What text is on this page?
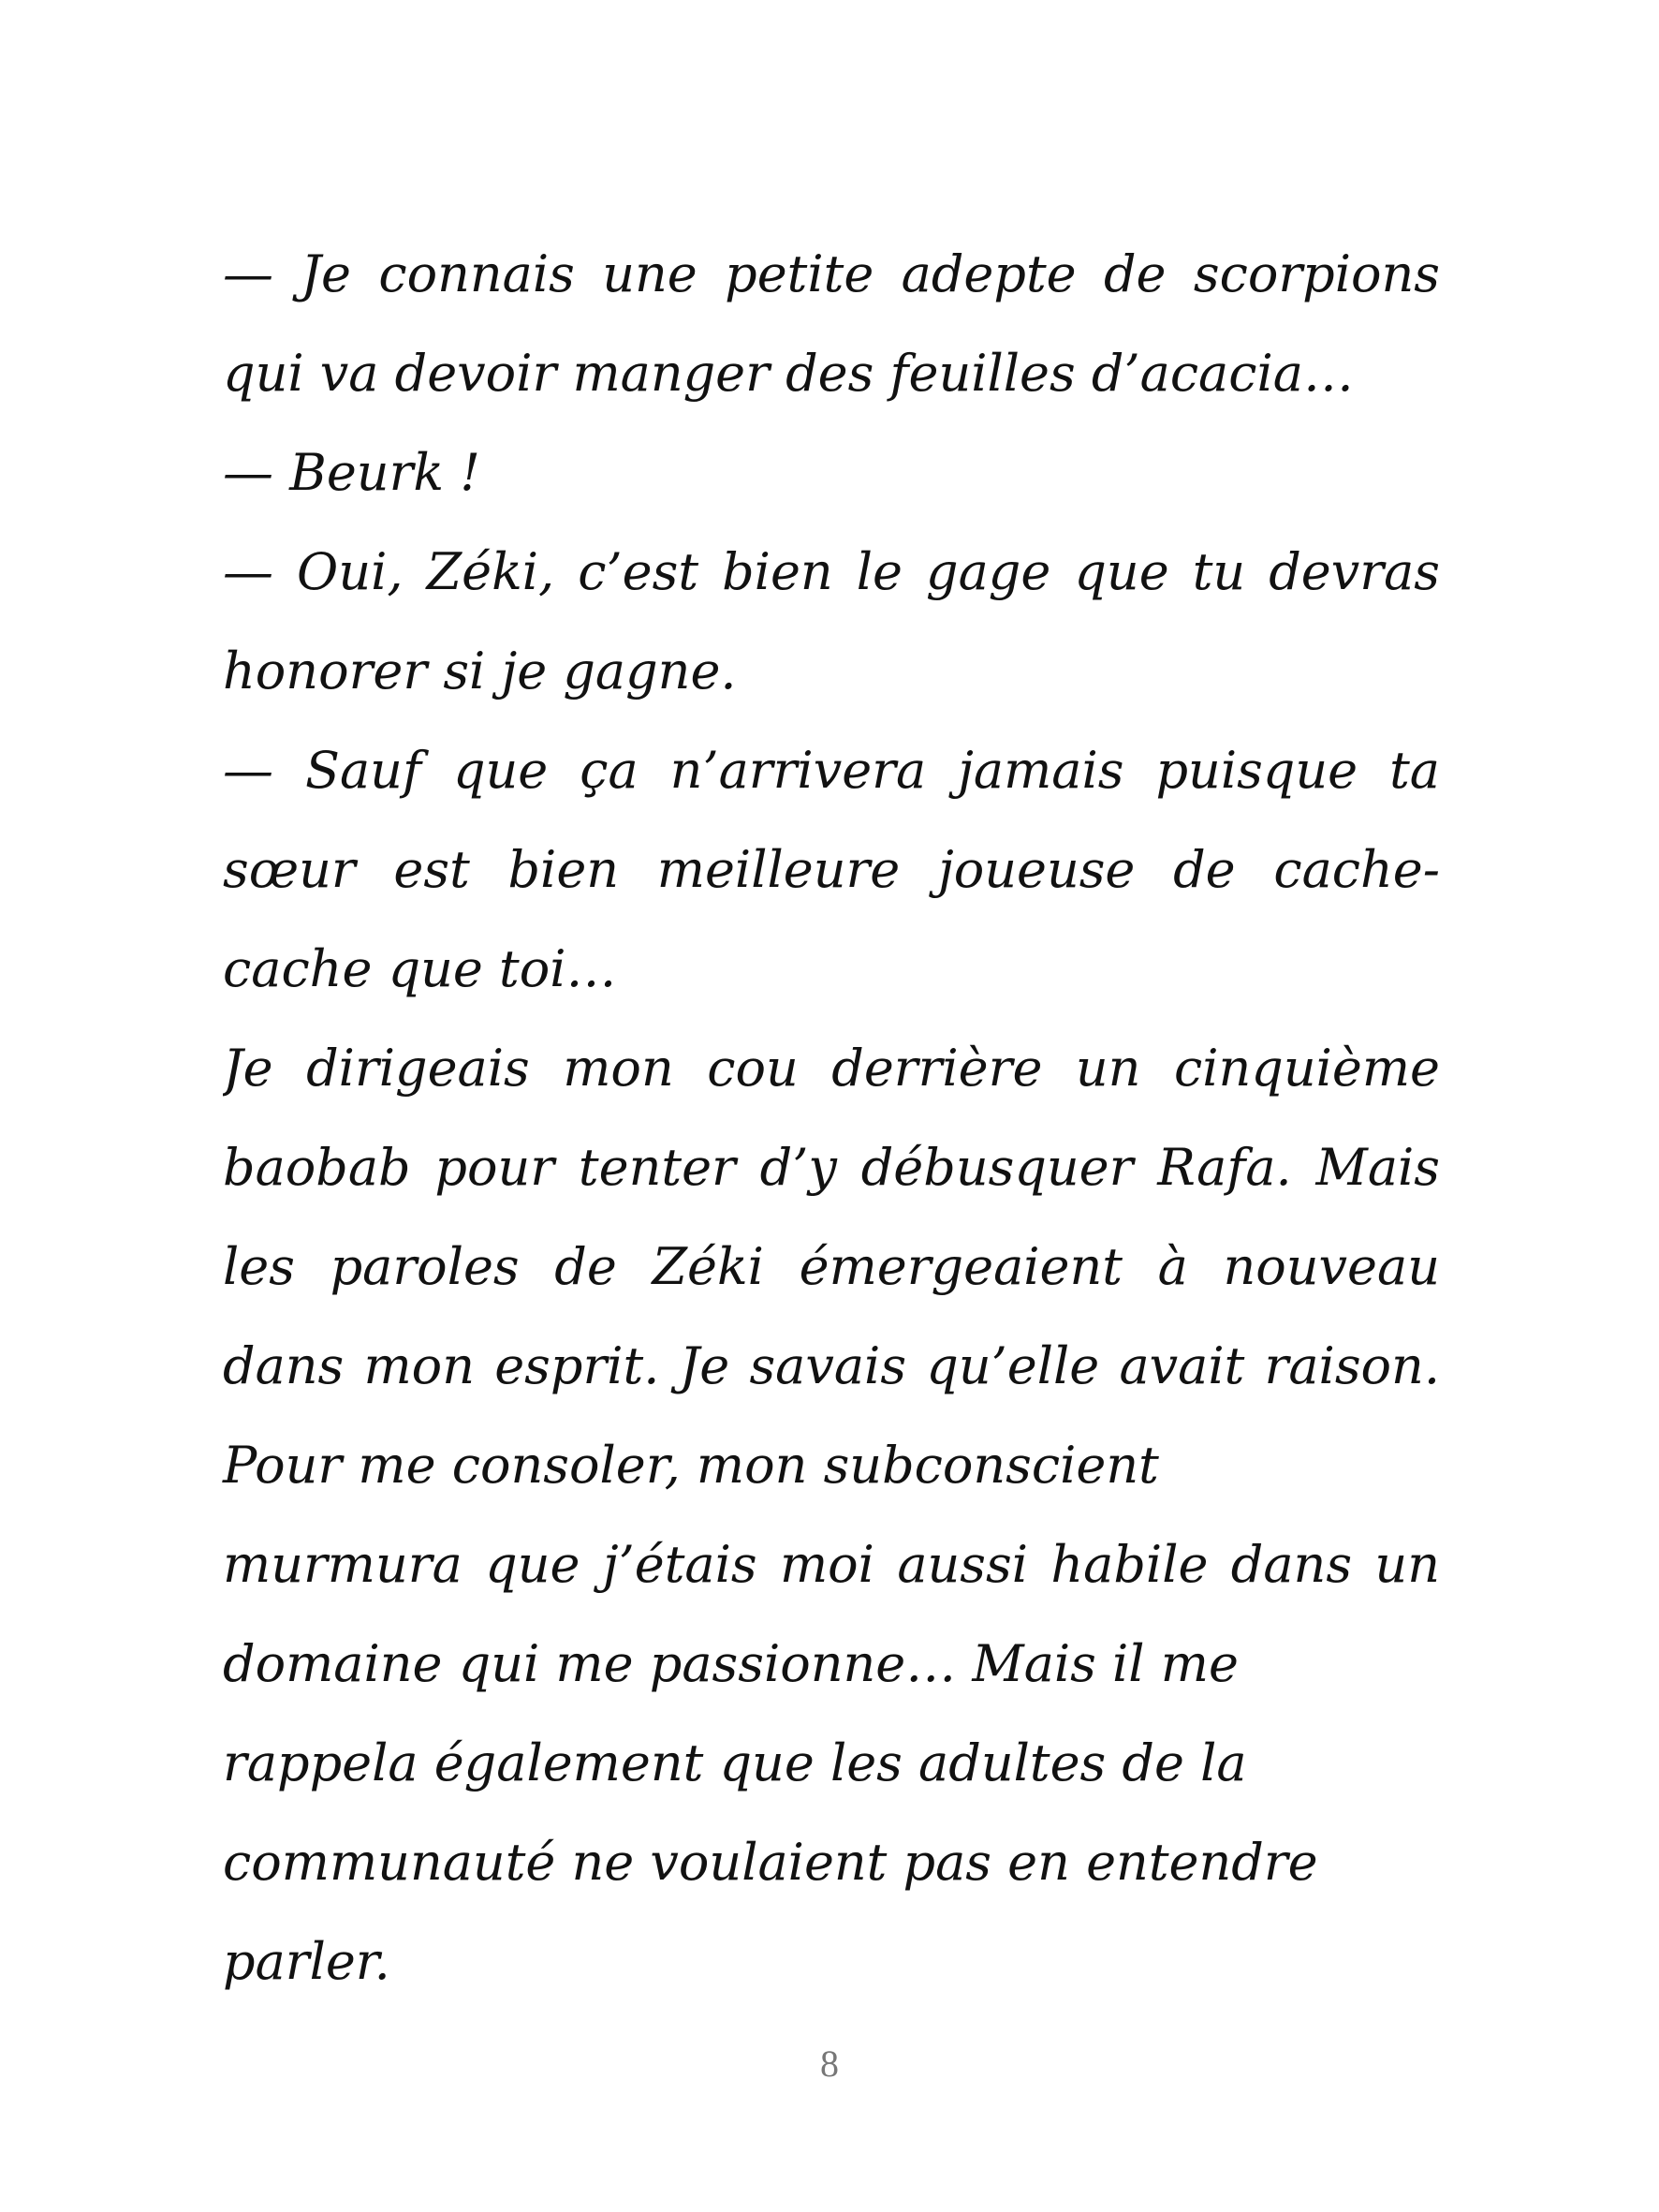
— Je connais une petite adepte de scorpions
qui va devoir manger des feuilles d’acacia…
— Beurk !
— Oui, Zéki, c’est bien le gage que tu devras
honorer si je gagne.
— Sauf que ça n’arrivera jamais puisque ta
sœur est bien meilleure joueuse de cache-
cache que toi…
Je dirigeais mon cou derrière un cinquième
baobab pour tenter d’y débusquer Rafa. Mais
les paroles de Zéki émergeaient à nouveau
dans mon esprit. Je savais qu’elle avait raison.
Pour me consoler, mon subconscient
murmura que j’étais moi aussi habile dans un
domaine qui me passionne… Mais il me
rappela également que les adultes de la
communauté ne voulaient pas en entendre
parler.
8
